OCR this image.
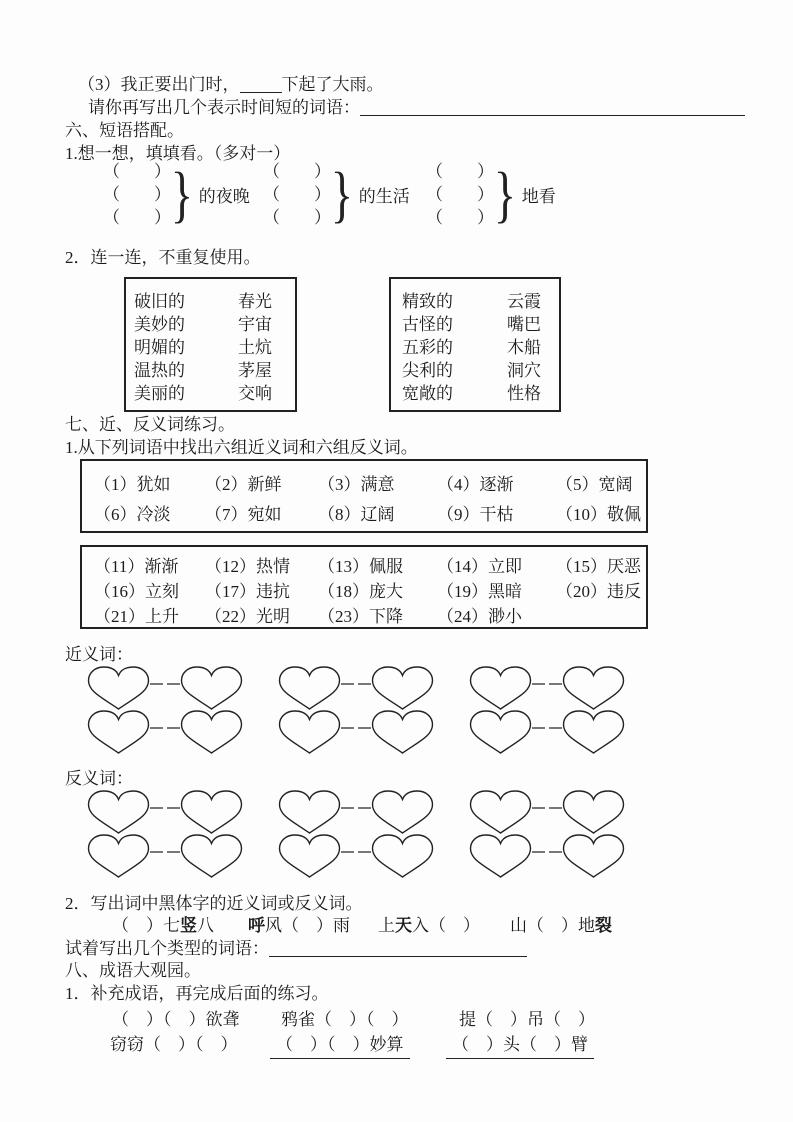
（3）我正要出门时， 下起了大雨。
请你再写出几个表示时间短的词语：
六、短语搭配。
1.想一想，填填看。（多对一）
（　　）
（　　）
（　　）
}
的夜晚
（　　）
（　　）
（　　）
}
的生活
（　　）
（　　）
（　　）
}
地看
2．连一连，不重复使用。
破旧的	春光
美妙的	宇宙
明媚的	土炕
温热的	茅屋
美丽的	交响
精致的	云霞
古怪的	嘴巴
五彩的	木船
尖利的	洞穴
宽敞的	性格
七、近、反义词练习。
1.从下列词语中找出六组近义词和六组反义词。
（1）犹如 （2）新鲜 （3）满意	（4）逐渐	（5）宽阔
（6）冷淡 （7）宛如 （8）辽阔	（9）干枯	（10）敬佩
（11）渐渐 （12）热情 （13）佩服 （14）立即 （15）厌恶
（16）立刻 （17）违抗 （18）庞大 （19）黑暗 （20）违反
（21）上升 （22）光明 （23）下降 （24）渺小
近义词：
反义词：
2．写出词中黑体字的近义词或反义词。
（　）七竖八 呼风（　）雨 上天入（　） 山（　）地裂
试着写出几个类型的词语：
八、成语大观园。
1．补充成语，再完成后面的练习。
（　）（　）欲聋 鸦雀（　）（　）	提（　）吊（　）
窃窃（　）（　）	（　）（　）妙算	（　）头（　）臂
